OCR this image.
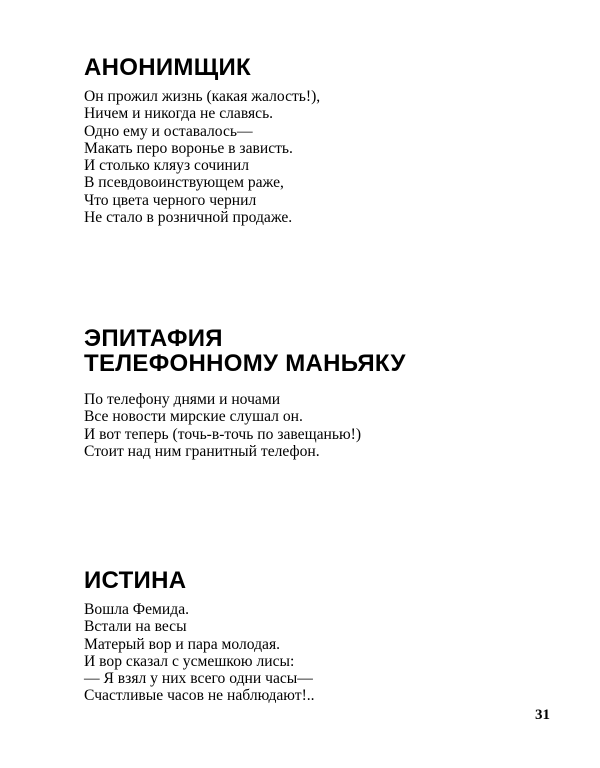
АНОНИМЩИК
Он прожил жизнь (какая жалость!),
Ничем и никогда не славясь.
Одно ему и оставалось—
Макать перо вороньe в зависть.
И столько кляуз сочинил
В псевдовоинствующем раже,
Что цвета черного чернил
Не стало в розничной продаже.
ЭПИТАФИЯ
ТЕЛЕФОННОМУ МАНЬЯКУ
По телефону днями и ночами
Все новости мирские слушал он.
И вот теперь (точь-в-точь по завещанью!)
Стоит над ним гранитный телефон.
ИСТИНА
Вошла Фемида.
Встали на весы
Матерый вор и пара молодая.
И вор сказал с усмешкою лисы:
— Я взял у них всего одни часы—
Счастливые часов не наблюдают!..
31
